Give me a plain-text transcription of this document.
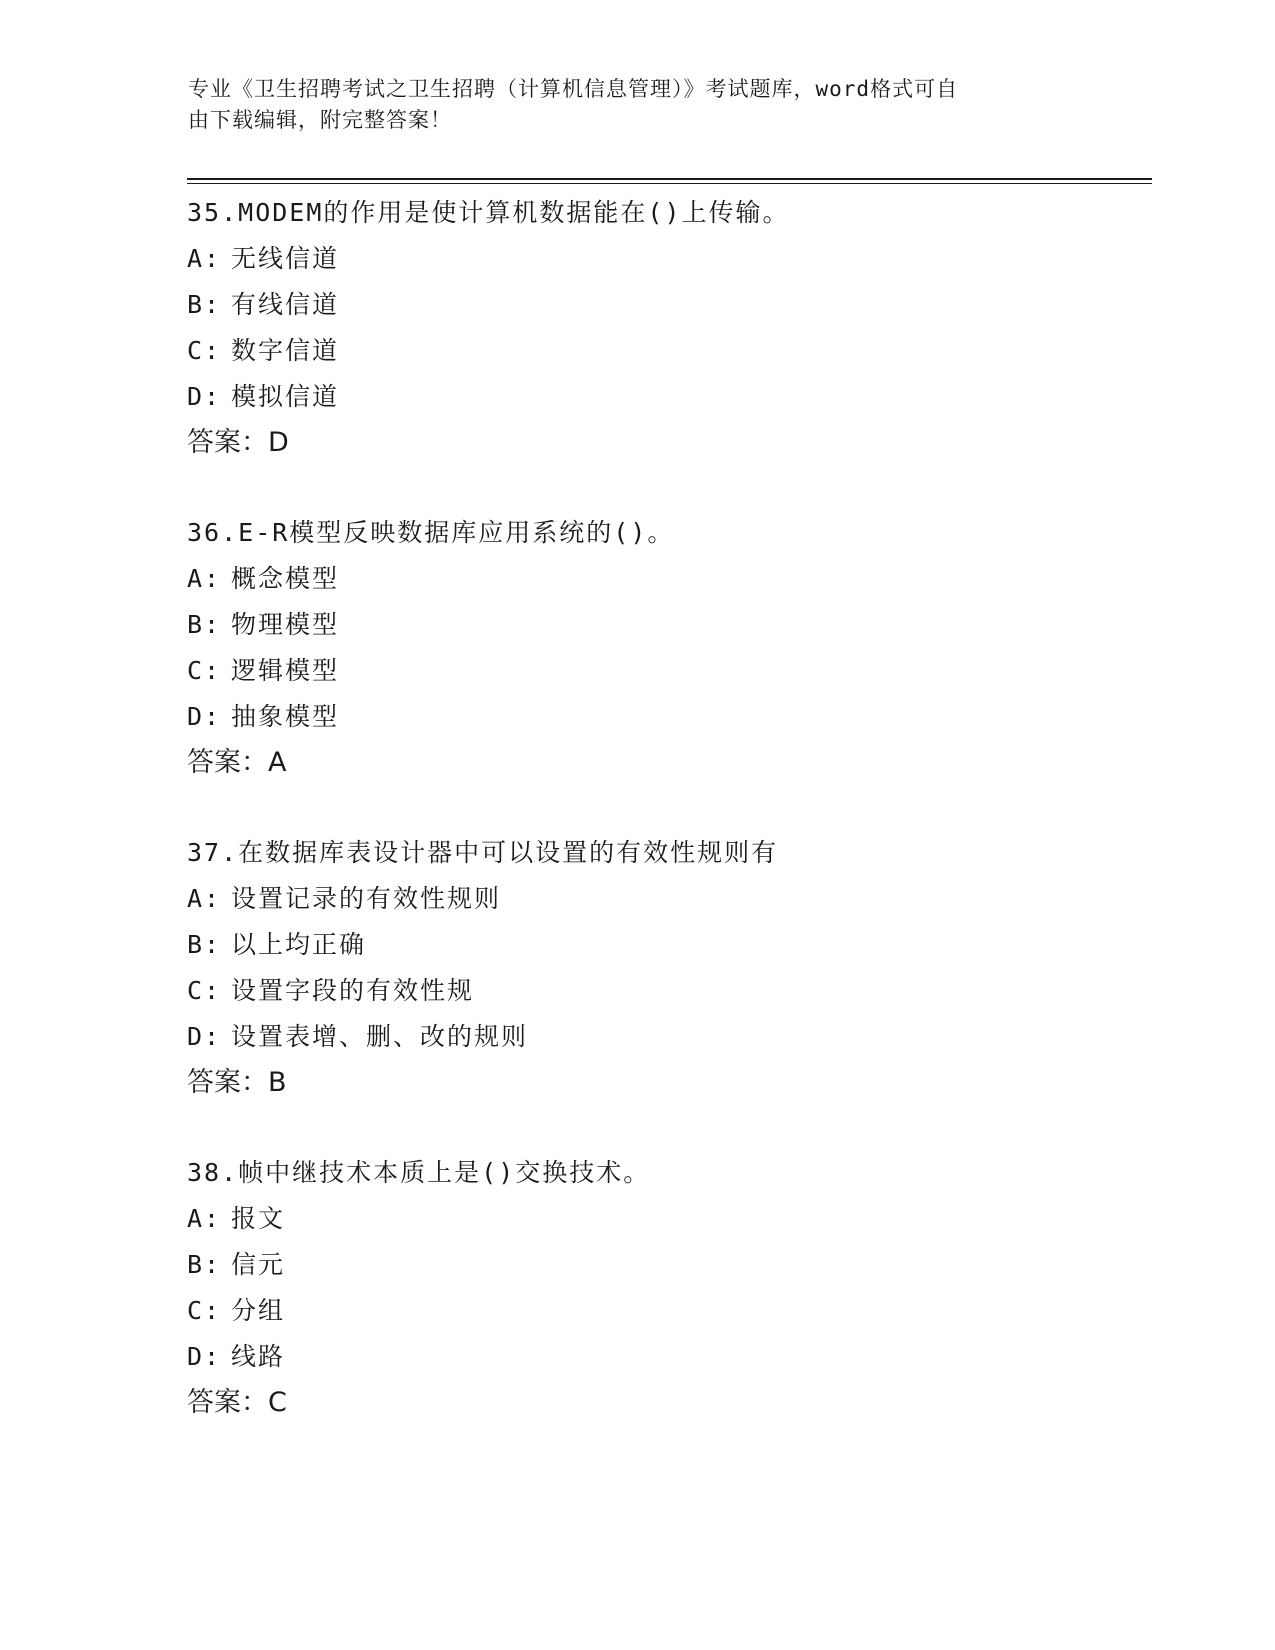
专业《卫生招聘考试之卫生招聘（计算机信息管理）》考试题库，word格式可自
由下载编辑，附完整答案！
35.MODEM的作用是使计算机数据能在()上传输。
A: 无线信道
B: 有线信道
C: 数字信道
D: 模拟信道
答案：D
36.E-R模型反映数据库应用系统的()。
A: 概念模型
B: 物理模型
C: 逻辑模型
D: 抽象模型
答案：A
37.在数据库表设计器中可以设置的有效性规则有
A: 设置记录的有效性规则
B: 以上均正确
C: 设置字段的有效性规
D: 设置表增、删、改的规则
答案：B
38.帧中继技术本质上是()交换技术。
A: 报文
B: 信元
C: 分组
D: 线路
答案：C
